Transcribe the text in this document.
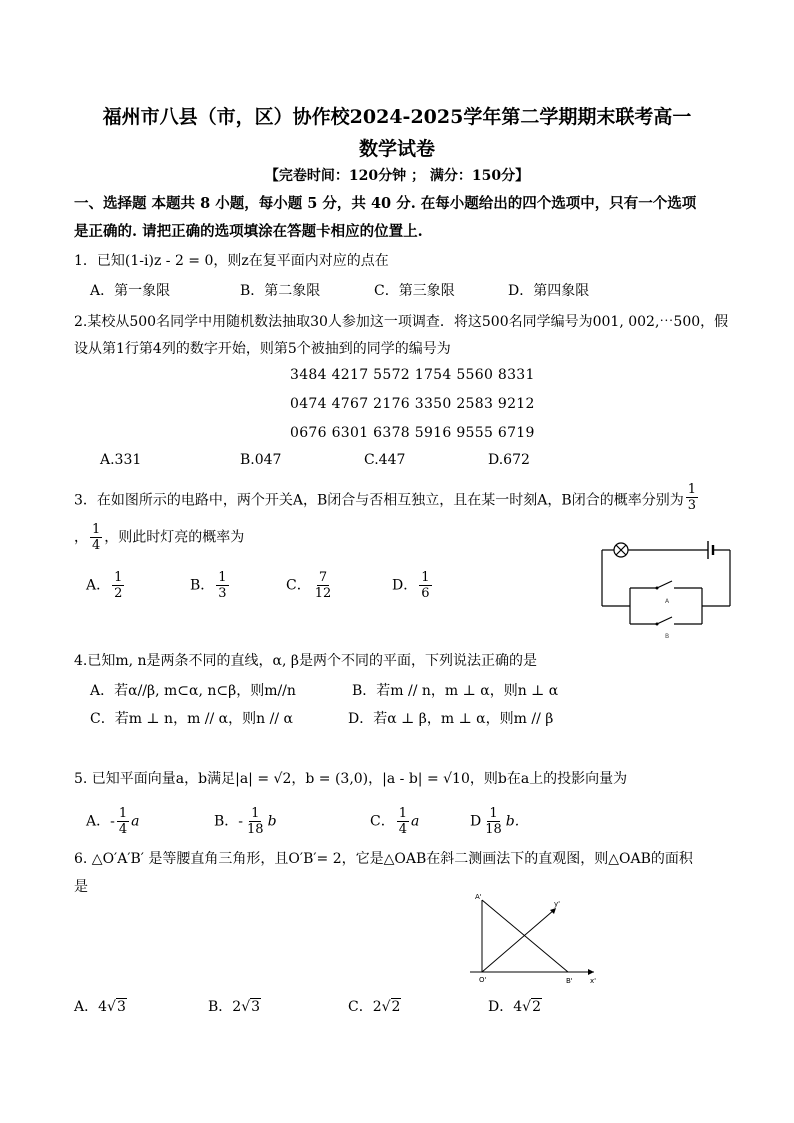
福州市八县（市，区）协作校2024-2025学年第二学期期末联考高一
数学试卷
【完卷时间：120分钟 ； 满分：150分】
一、选择题 本题共 8 小题，每小题 5 分，共 40 分. 在每小题给出的四个选项中，只有一个选项
是正确的. 请把正确的选项填涂在答题卡相应的位置上.
1．已知(1-i)z - 2 = 0，则z在复平面内对应的点在
A．第一象限	B．第二象限	C．第三象限	D．第四象限
2.某校从500名同学中用随机数法抽取30人参加这一项调查．将这500名同学编号为001, 002,⋯500，假
设从第1行第4列的数字开始，则第5个被抽到的同学的编号为
3484 4217 5572 1754 5560 8331
0474 4767 2176 3350 2583 9212
0676 6301 6378 5916 9555 6719
A.331	B.047	C.447	D.672
3．在如图所示的电路中，两个开关A，B闭合与否相互独立，且在某一时刻A，B闭合的概率分别为 $\frac{1}{3}$
， $\frac{1}{4}$ ，则此时灯亮的概率为
A． $\frac{1}{2}$	B． $\frac{1}{3}$	C． $\frac{7}{12}$	D． $\frac{1}{6}$
A
B
4.已知m, n是两条不同的直线，α, β是两个不同的平面，下列说法正确的是
A．若α//β, m⊂α, n⊂β，则m//n	B．若m // n，m ⊥ α，则n ⊥ α
C．若m ⊥ n，m // α，则n // α	D．若α ⊥ β，m ⊥ α，则m // β
5. 已知平面向量a，b满足|a| = √2，b = (3,0)，|a - b| = √10，则b在a上的投影向量为
A．- $\frac{1}{4}$ a	B．- $\frac{1}{18}$ b	C． $\frac{1}{4}$ a	D $\frac{1}{18} b$.
6. △O′A′B′ 是等腰直角三角形，且O′B′= 2，它是△OAB在斜二测画法下的直观图，则△OAB的面积
是
A'
O'	B' x'
y'
A．4√3	B．2√3	C．2√2	D．4√2
